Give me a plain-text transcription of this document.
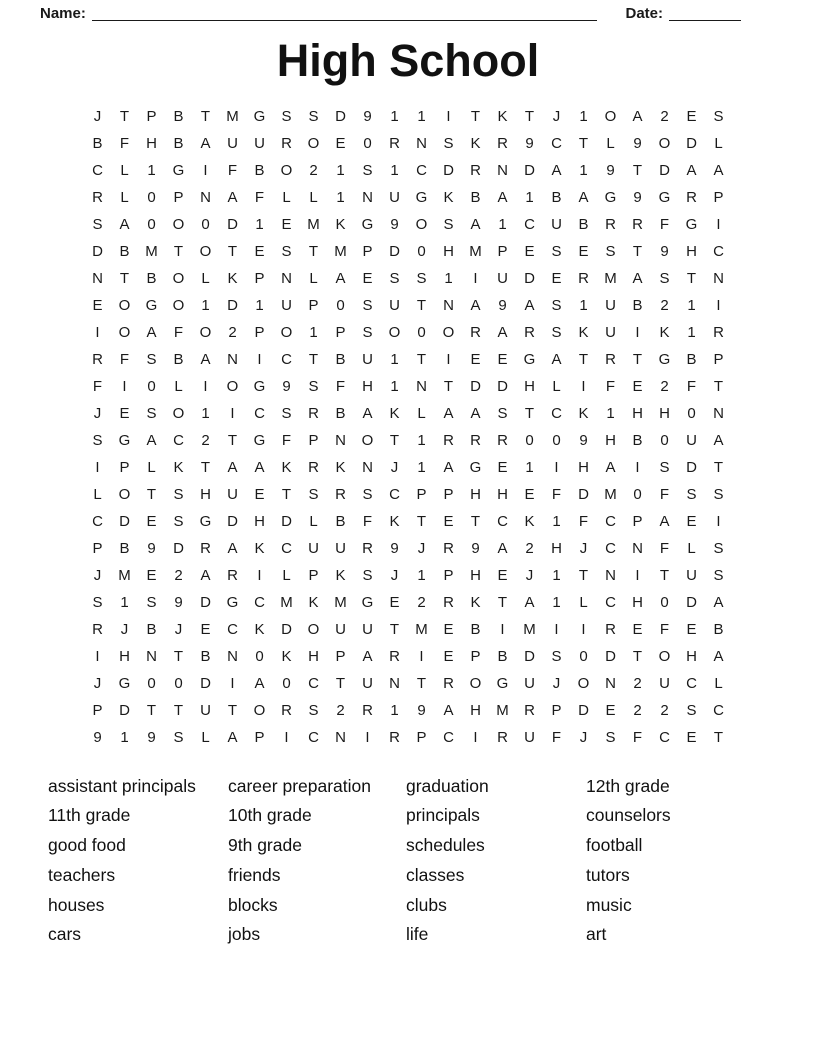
Name:	Date:
High School
J	T	P	B	T	M G	S	S	D	9	1	1	I	T	K	T	J	1	O	A	2	E	S
B	F	H	B	A	U	U	R	O	E	0	R	N	S	K	R	9	C	T	L	9	O	D	L
C	L	1	G	I	F	B	O	2	1	S	1	C	D	R	N	D	A	1	9	T	D	A	A
R	L	0	P	N	A	F	L	L	1	N	U	G	K	B	A	1	B	A	G	9	G	R	P
S	A	0	O	0	D	1	E	M	K	G	9	O	S	A	1	C	U	B	R	R	F	G	I
D	B	M	T	O	T	E	S	T	M	P	D	0	H	M	P	E	S	E	S	T	9	H	C
N	T	B	O	L	K	P	N	L	A	E	S	S	1	I	U	D	E	R	M	A	S	T	N
E	O	G	O	1	D	1	U	P	0	S	U	T	N	A	9	A	S	1	U	B	2	1	I
I	O	A	F	O	2	P	O	1	P	S	O	0	O	R	A	R	S	K	U	I	K	1	R
R	F	S	B	A	N	I	C	T	B	U	1	T	I	E	E	G	A	T	R	T	G	B	P
F	I	0	L	I	O	G	9	S	F	H	1	N	T	D	D	H	L	I	F	E	2	F	T
J	E	S	O	1	I	C	S	R	B	A	K	L	A	A	S	T	C	K	1	H	H	0	N
S	G	A	C	2	T	G	F	P	N	O	T	1	R	R	R	0	0	9	H	B	0	U	A
I	P	L	K	T	A	A	K	R	K	N	J	1	A	G	E	1	I	H	A	I	S	D	T
L	O	T	S	H	U	E	T	S	R	S	C	P	P	H	H	E	F	D	M	0	F	S	S
C	D	E	S	G	D	H	D	L	B	F	K	T	E	T	C	K	1	F	C	P	A	E	I
P	B	9	D	R	A	K	C	U	U	R	9	J	R	9	A	2	H	J	C	N	F	L	S
J	M	E	2	A	R	I	L	P	K	S	J	1	P	H	E	J	1	T	N	I	T	U	S
S	1	S	9	D	G	C	M	K	M G	E	2	R	K	T	A	1	L	C	H	0	D	A
R	J	B	J	E	C	K	D	O	U	U	T	M	E	B	I	M	I	I	R	E	F	E	B
I	H	N	T	B	N	0	K	H	P	A	R	I	E	P	B	D	S	0	D	T	O	H	A
J	G	0	0	D	I	A	0	C	T	U	N	T	R	O	G	U	J	O	N	2	U	C	L
P	D	T	T	U	T	O	R	S	2	R	1	9	A	H	M	R	P	D	E	2	2	S	C
9	1	9	S	L	A	P	I	C	N	I	R	P	C	I	R	U	F	J	S	F	C	E	T
assistant principals
11th grade
good food
teachers
houses
cars
career preparation
10th grade
9th grade
friends
blocks
jobs
graduation
principals
schedules
classes
clubs
life
12th grade
counselors
football
tutors
music
art
